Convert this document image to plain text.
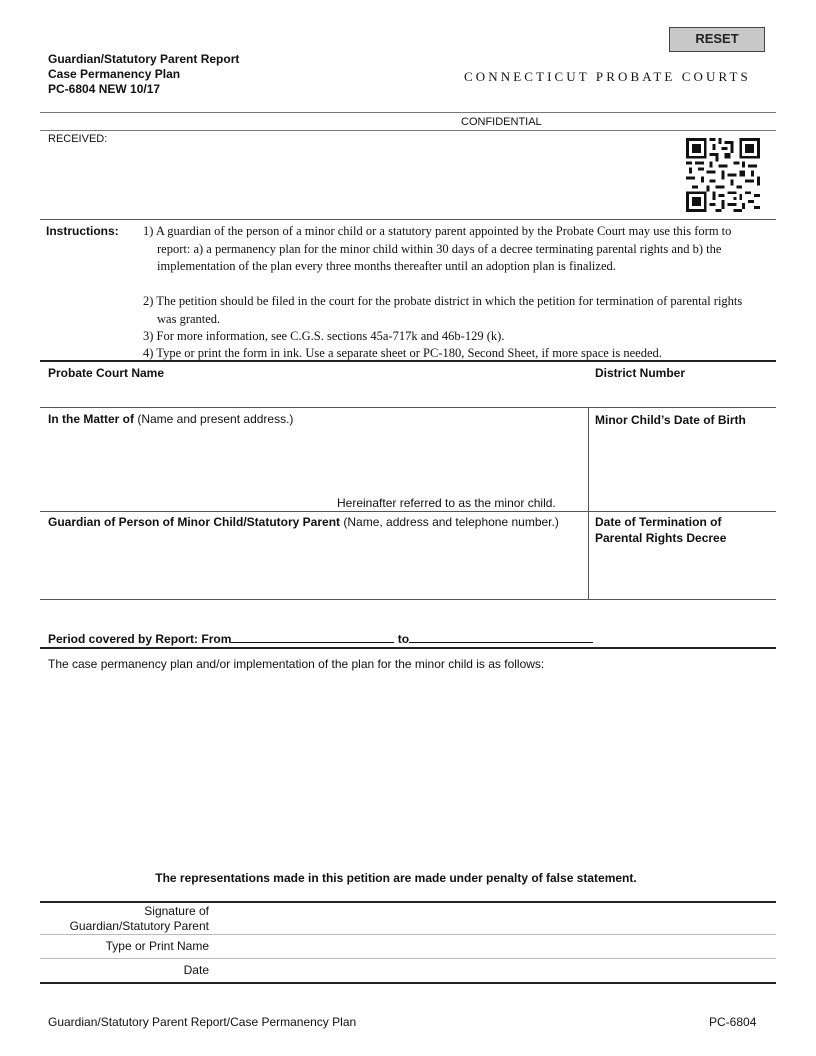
RESET
Guardian/Statutory Parent Report
Case Permanency Plan
PC-6804 NEW 10/17
CONNECTICUT PROBATE COURTS
CONFIDENTIAL
RECEIVED:
Instructions: 1) A guardian of the person of a minor child or a statutory parent appointed by the Probate Court may use this form to report: a) a permanency plan for the minor child within 30 days of a decree terminating parental rights and b) the implementation of the plan every three months thereafter until an adoption plan is finalized.
2) The petition should be filed in the court for the probate district in which the petition for termination of parental rights was granted.
3) For more information, see C.G.S. sections 45a-717k and 46b-129 (k).
4) Type or print the form in ink. Use a separate sheet or PC-180, Second Sheet, if more space is needed.
Probate Court Name	District Number
In the Matter of (Name and present address.)
Hereinafter referred to as the minor child.
Minor Child’s Date of Birth
Guardian of Person of Minor Child/Statutory Parent (Name, address and telephone number.)	Date of Termination of
Parental Rights Decree
Period covered by Report: From	to
The case permanency plan and/or implementation of the plan for the minor child is as follows:
The representations made in this petition are made under penalty of false statement.
Signature of
Guardian/Statutory Parent
Type or Print Name
Date
Guardian/Statutory Parent Report/Case Permanency Plan	PC-6804
